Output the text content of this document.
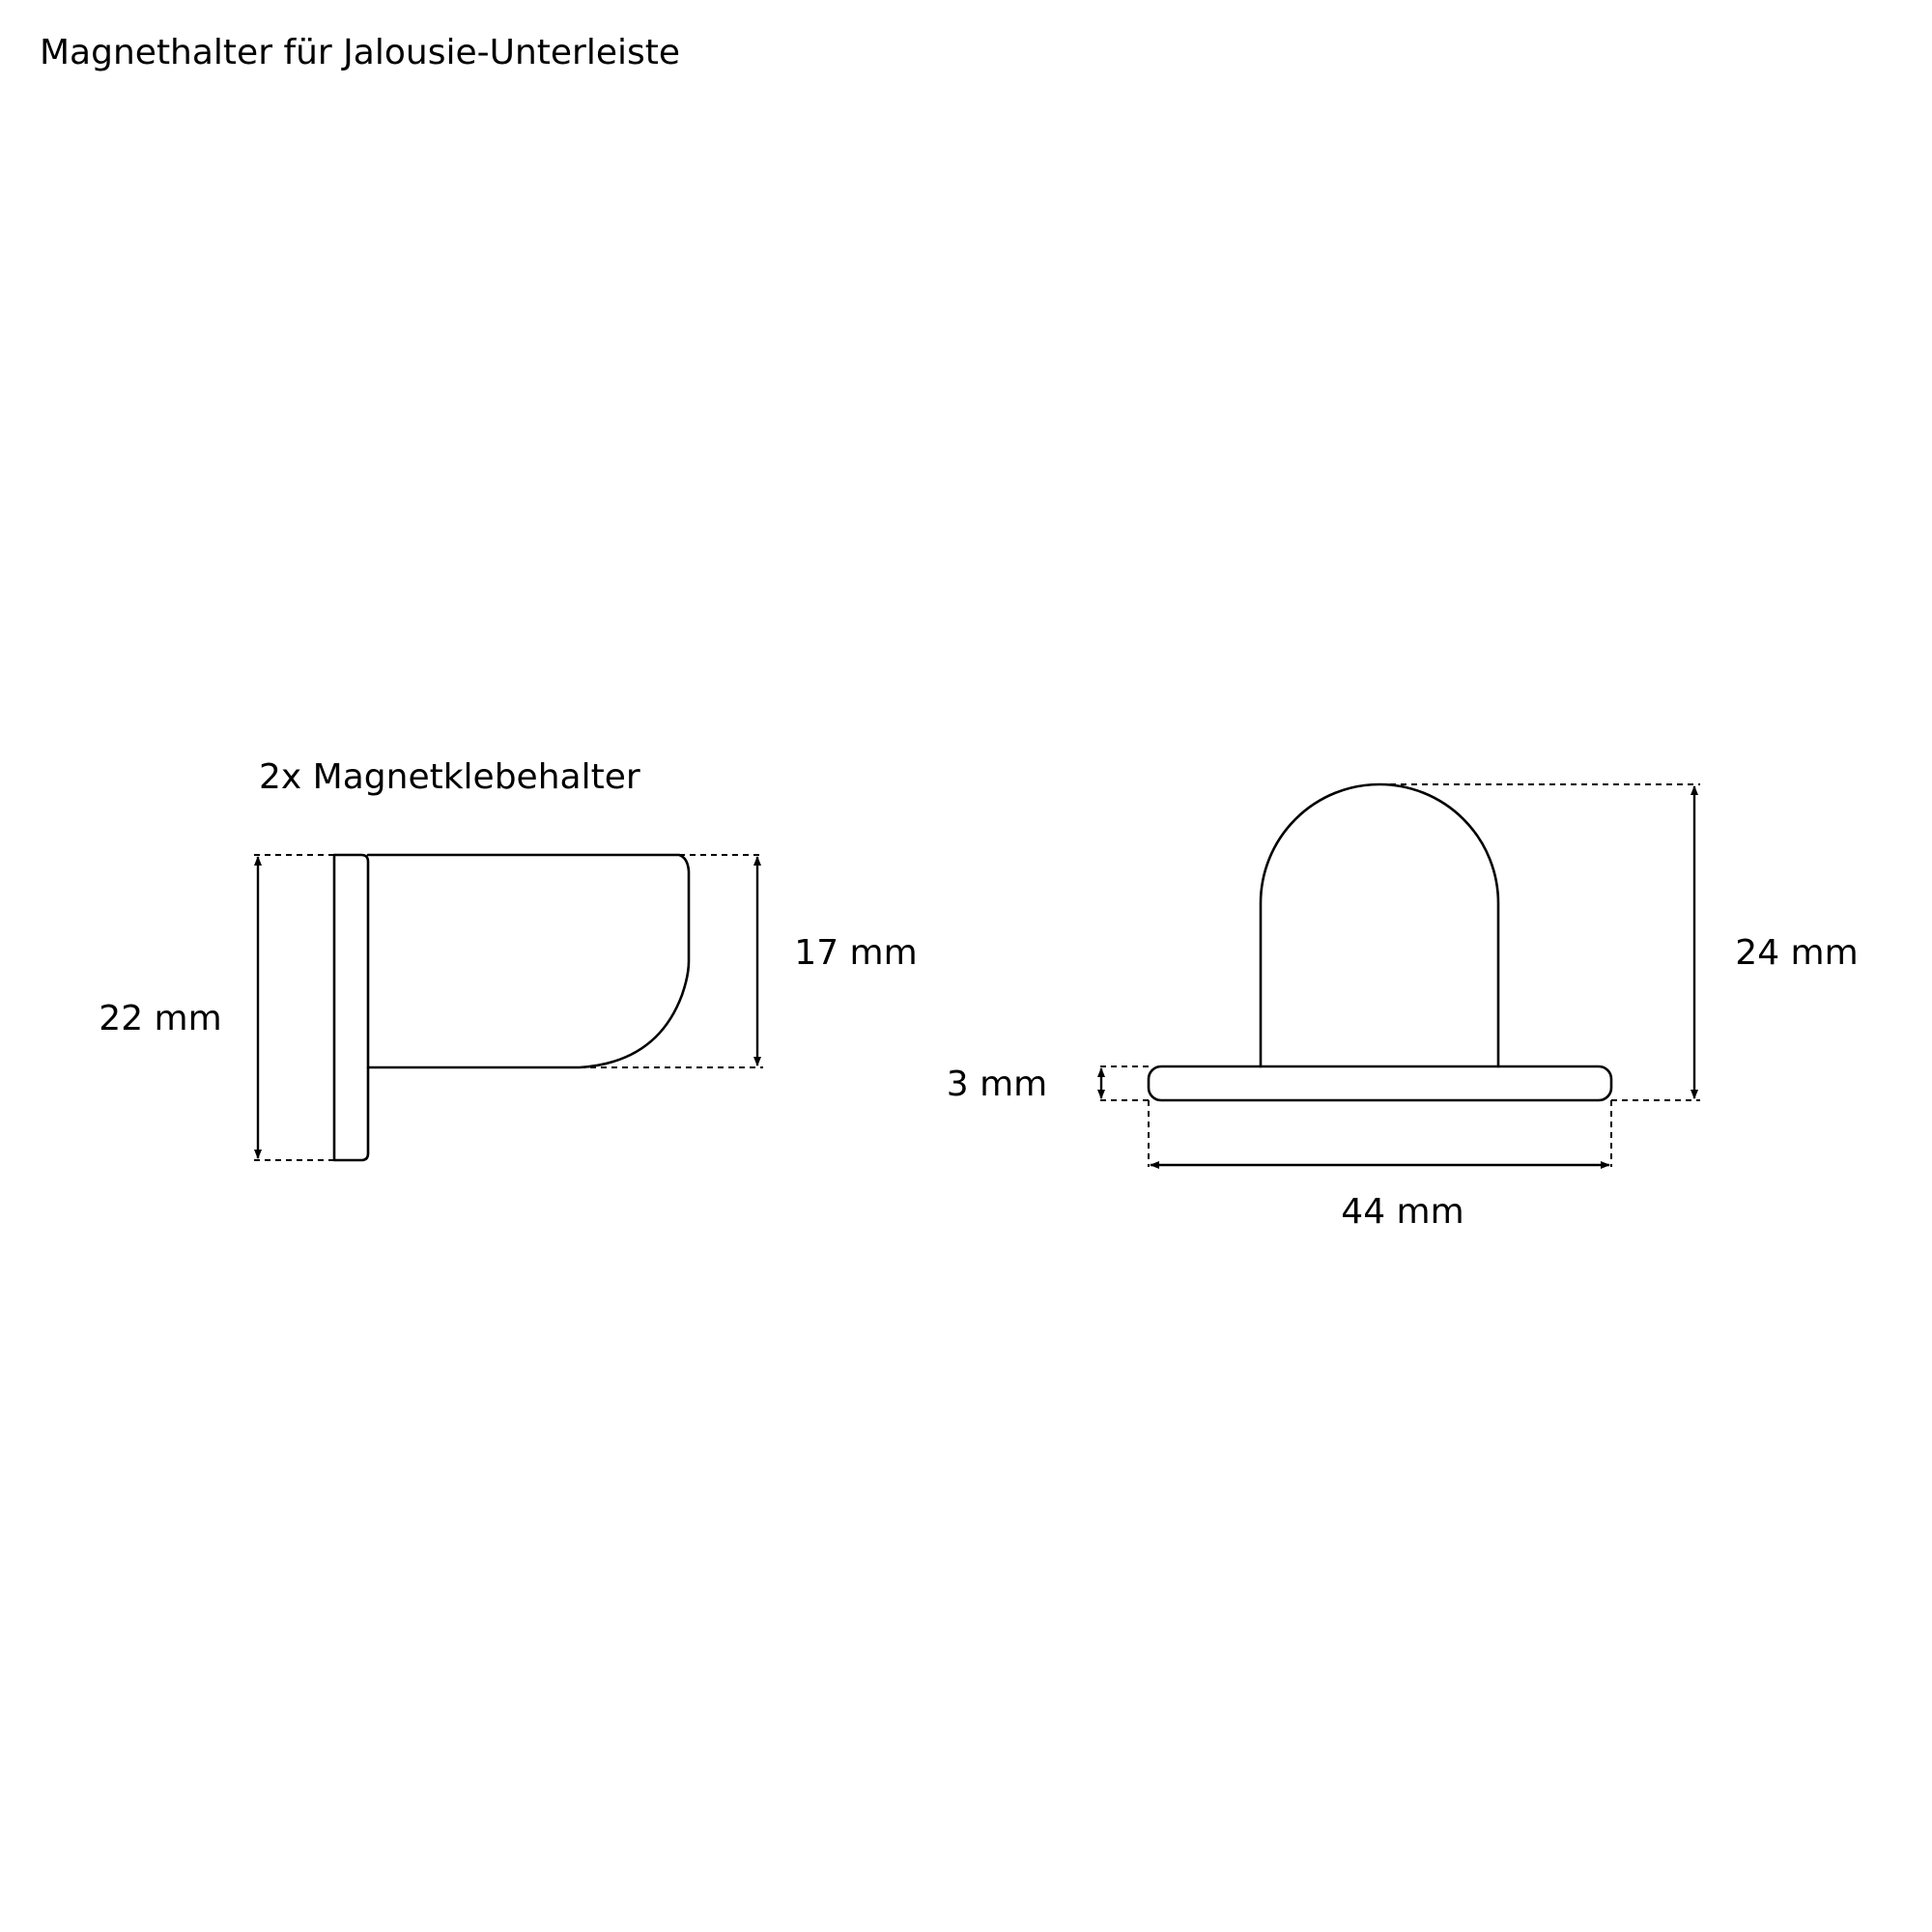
Magnethalter für Jalousie-Unterleiste
2x Magnetklebehalter
22 mm
17 mm	24 mm
3 mm
44 mm
